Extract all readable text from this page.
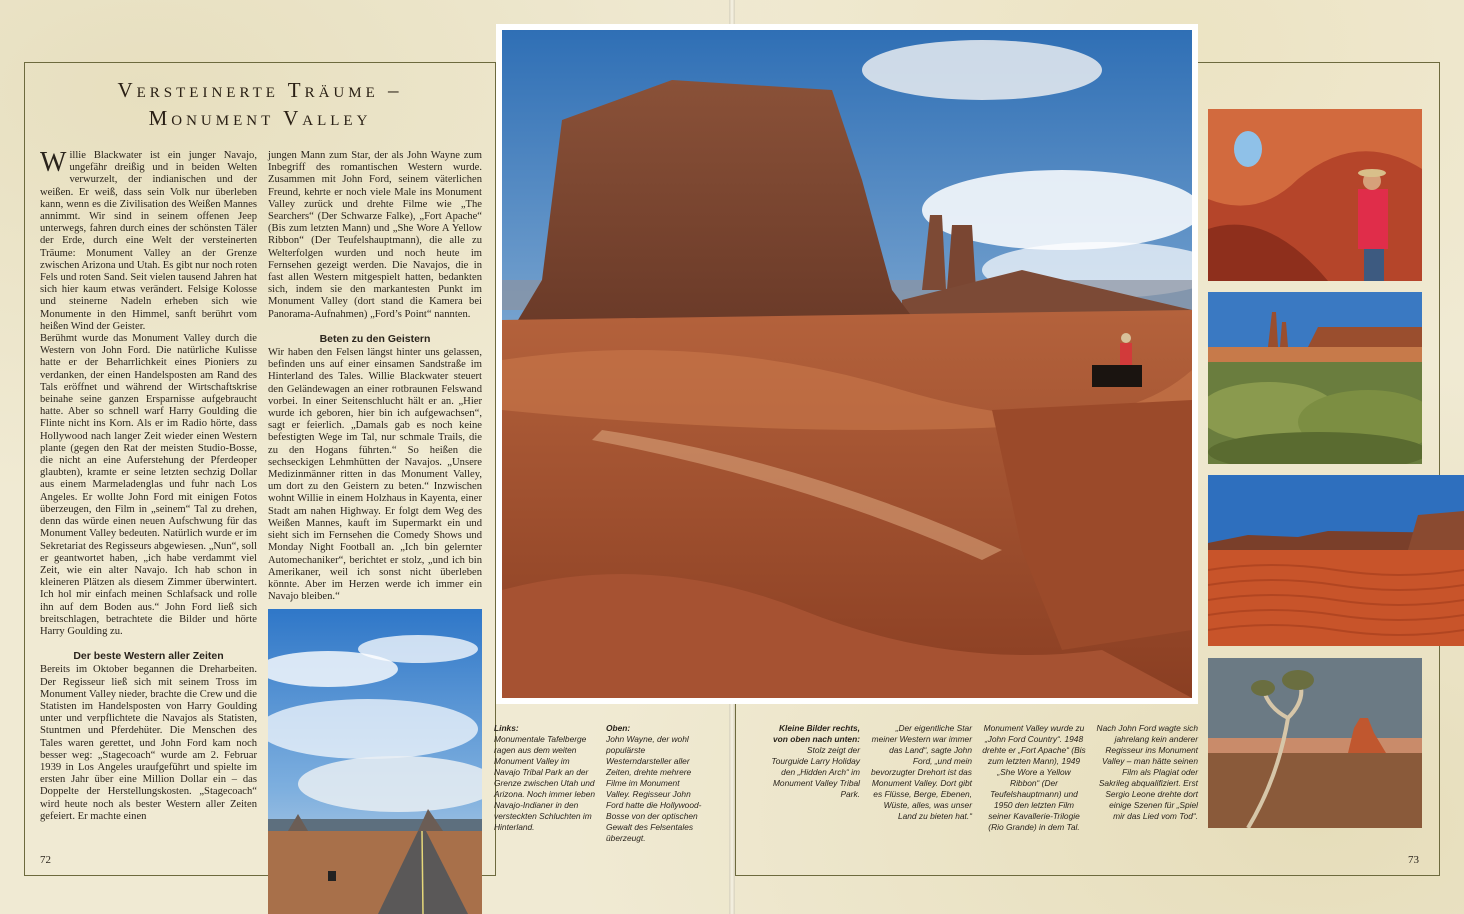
Versteinerte Träume –
Monument Valley

Willie Blackwater ist ein junger Navajo, ungefähr dreißig und in beiden Welten verwurzelt, der indianischen und der weißen. Er weiß, dass sein Volk nur überleben kann, wenn es die Zivilisation des Weißen Mannes annimmt. Wir sind in seinem offenen Jeep unterwegs, fahren durch eines der schönsten Täler der Erde, durch eine Welt der versteinerten Träume: Monument Valley an der Grenze zwischen Arizona und Utah. Es gibt nur noch roten Fels und roten Sand. Seit vielen tausend Jahren hat sich hier kaum etwas verändert. Felsige Kolosse und steinerne Nadeln erheben sich wie Monumente in den Himmel, sanft berührt vom heißen Wind der Geister.

Berühmt wurde das Monument Valley durch die Western von John Ford. Die natürliche Kulisse hatte er der Beharrlichkeit eines Pioniers zu verdanken, der einen Handelsposten am Rand des Tals eröffnet und während der Wirtschaftskrise beinahe seine ganzen Ersparnisse aufgebraucht hatte. Aber so schnell warf Harry Goulding die Flinte nicht ins Korn. Als er im Radio hörte, dass Hollywood nach langer Zeit wieder einen Western plante (gegen den Rat der meisten Studio-Bosse, die nicht an eine Auferstehung der Pferdeoper glaubten), kramte er seine letzten sechzig Dollar aus einem Marmeladenglas und fuhr nach Los Angeles. Er wollte John Ford mit einigen Fotos überzeugen, den Film in „seinem“ Tal zu drehen, denn das würde einen neuen Aufschwung für das Monument Valley bedeuten. Natürlich wurde er im Sekretariat des Regisseurs abgewiesen. „Nun“, soll er geantwortet haben, „ich habe verdammt viel Zeit, wie ein alter Navajo. Ich hab schon in kleineren Plätzen als diesem Zimmer überwintert. Ich hol mir einfach meinen Schlafsack und rolle ihn auf dem Boden aus.“ John Ford ließ sich breitschlagen, betrachtete die Bilder und hörte Harry Goulding zu.

Der beste Western aller Zeiten

Bereits im Oktober begannen die Dreharbeiten. Der Regisseur ließ sich mit seinem Tross im Monument Valley nieder, brachte die Crew und die Statisten im Handelsposten von Harry Goulding unter und verpflichtete die Navajos als Statisten, Stuntmen und Pferdehüter. Die Menschen des Tales waren gerettet, und John Ford kam noch besser weg: „Stagecoach“ wurde am 2. Februar 1939 in Los Angeles uraufgeführt und spielte im ersten Jahr über eine Million Dollar ein – das Doppelte der Herstellungskosten. „Stagecoach“ wird heute noch als bester Western aller Zeiten gefeiert. Er machte einen

jungen Mann zum Star, der als John Wayne zum Inbegriff des romantischen Western wurde. Zusammen mit John Ford, seinem väterlichen Freund, kehrte er noch viele Male ins Monument Valley zurück und drehte Filme wie „The Searchers“ (Der Schwarze Falke), „Fort Apache“ (Bis zum letzten Mann) und „She Wore A Yellow Ribbon“ (Der Teufelshauptmann), die alle zu Welterfolgen wurden und noch heute im Fernsehen gezeigt werden. Die Navajos, die in fast allen Western mitgespielt hatten, bedankten sich, indem sie den markantesten Punkt im Monument Valley (dort stand die Kamera bei Panorama-Aufnahmen) „Ford’s Point“ nannten.

Beten zu den Geistern

Wir haben den Felsen längst hinter uns gelassen, befinden uns auf einer einsamen Sandstraße im Hinterland des Tales. Willie Blackwater steuert den Geländewagen an einer rotbraunen Felswand vorbei. In einer Seitenschlucht hält er an. „Hier wurde ich geboren, hier bin ich aufgewachsen“, sagt er feierlich. „Damals gab es noch keine befestigten Wege im Tal, nur schmale Trails, die zu den Hogans führten.“ So heißen die sechseckigen Lehmhütten der Navajos. „Unsere Medizinmänner ritten in das Monument Valley, um dort zu den Geistern zu beten.“ Inzwischen wohnt Willie in einem Holzhaus in Kayenta, einer Stadt am nahen Highway. Er folgt dem Weg des Weißen Mannes, kauft im Supermarkt ein und sieht sich im Fernsehen die Comedy Shows und Monday Night Football an. „Ich bin gelernter Automechaniker“, berichtet er stolz, „und ich bin Amerikaner, weil ich sonst nicht überleben könnte. Aber im Herzen werde ich immer ein Navajo bleiben.“

Links:
Monumentale Tafelberge ragen aus dem weiten Monument Valley im Navajo Tribal Park an der Grenze zwischen Utah und Arizona. Noch immer leben Navajo-Indianer in den versteckten Schluchten im Hinterland.
Oben:
John Wayne, der wohl populärste Westerndarsteller aller Zeiten, drehte mehrere Filme im Monument Valley. Regisseur John Ford hatte die Hollywood-Bosse von der optischen Gewalt des Felsentales überzeugt.
Kleine Bilder rechts, von oben nach unten:
Stolz zeigt der Tourguide Larry Holiday den „Hidden Arch“ im Monument Valley Tribal Park.
„Der eigentliche Star meiner Western war immer das Land“, sagte John Ford, „und mein bevorzugter Drehort ist das Monument Valley. Dort gibt es Flüsse, Berge, Ebenen, Wüste, alles, was unser Land zu bieten hat.“
Monument Valley wurde zu „John Ford Country“. 1948 drehte er „Fort Apache“ (Bis zum letzten Mann), 1949 „She Wore a Yellow Ribbon“ (Der Teufelshauptmann) und 1950 den letzten Film seiner Kavallerie-Trilogie (Rio Grande) in dem Tal.
Nach John Ford wagte sich jahrelang kein anderer Regisseur ins Monument Valley – man hätte seinen Film als Plagiat oder Sakrileg abqualifiziert. Erst Sergio Leone drehte dort einige Szenen für „Spiel mir das Lied vom Tod“.
72	73
